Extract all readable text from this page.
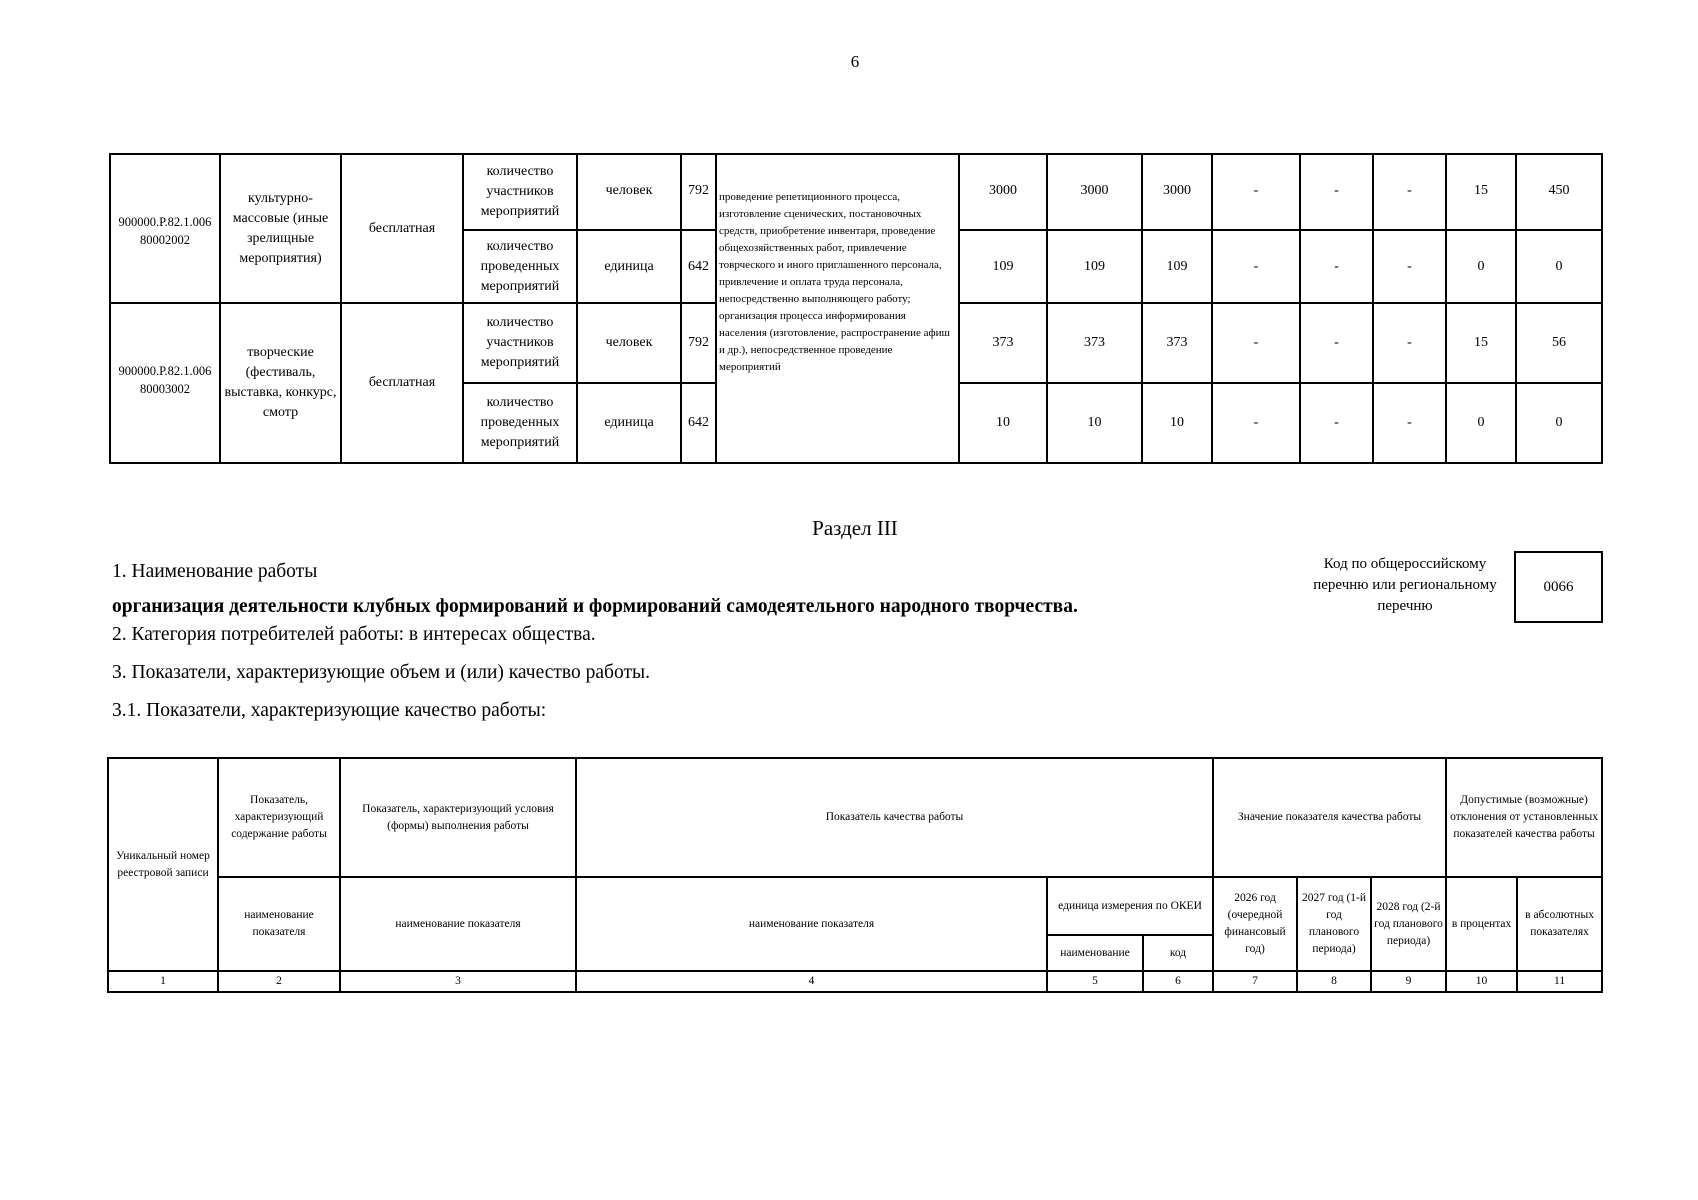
6
900000.Р.82.1.006 80002002	культурно-массовые (иные зрелищные мероприятия)	бесплатная	количество участников мероприятий	человек	792	проведение репетиционного процесса, изготовление сценических, постановочных средств, приобретение инвентаря, проведение общехозяйственных работ, привлечение товрческого и иного приглашенного персонала, привлечение и оплата труда персонала, непосредственно выполняющего работу; организация процесса информирования населения (изготовление, распространение афиш и др.), непосредственное проведение мероприятий	3000	3000	3000	-	-	-	15	450
			количество проведенных мероприятий	единица	642		109	109	109	-	-	-	0	0
900000.Р.82.1.006 80003002	творческие (фестиваль, выставка, конкурс, смотр	бесплатная	количество участников мероприятий	человек	792		373	373	373	-	-	-	15	56
			количество проведенных мероприятий	единица	642		10	10	10	-	-	-	0	0
Раздел III
1. Наименование работы
организация деятельности клубных формирований и формирований самодеятельного народного творчества.
2. Категория потребителей работы: в интересах общества.
3. Показатели, характеризующие объем и (или) качество работы.
3.1. Показатели, характеризующие качество работы:
Код по общероссийскому перечню или региональному перечню
0066
Уникальный номер реестровой записи	Показатель, характеризующий содержание работы	Показатель, характеризующий условия (формы) выполнения работы	Показатель качества работы			Значение показателя качества работы			Допустимые (возможные) отклонения от установленных показателей качества работы	
	наименование показателя	наименование показателя	наименование показателя	единица измерения по ОКЕИ		2026 год (очередной финансовый год)	2027 год (1-й год планового периода)	2028 год (2-й год планового периода)	в процентах	в абсолютных показателях
				наименование	код					
1	2	3	4	5	6	7	8	9	10	11
